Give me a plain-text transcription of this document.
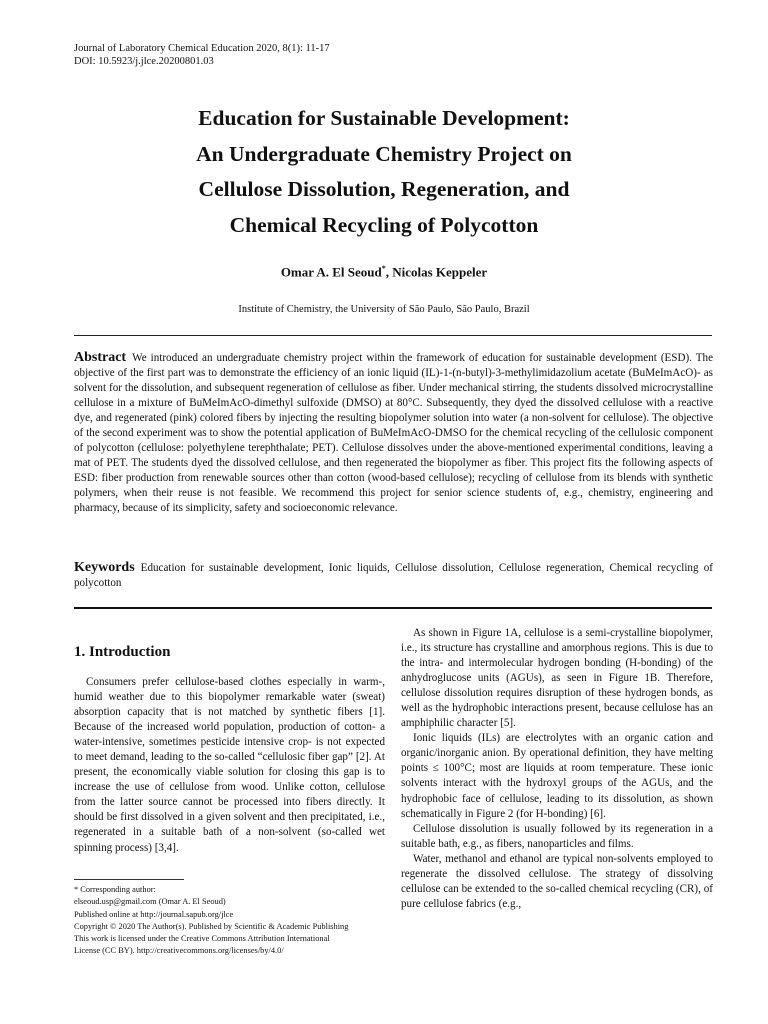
Journal of Laboratory Chemical Education 2020, 8(1): 11-17
DOI: 10.5923/j.jlce.20200801.03
Education for Sustainable Development:
An Undergraduate Chemistry Project on
Cellulose Dissolution, Regeneration, and
Chemical Recycling of Polycotton
Omar A. El Seoud*, Nicolas Keppeler
Institute of Chemistry, the University of São Paulo, São Paulo, Brazil
Abstract We introduced an undergraduate chemistry project within the framework of education for sustainable development (ESD). The objective of the first part was to demonstrate the efficiency of an ionic liquid (IL)-1-(n-butyl)-3-methylimidazolium acetate (BuMeImAcO)- as solvent for the dissolution, and subsequent regeneration of cellulose as fiber. Under mechanical stirring, the students dissolved microcrystalline cellulose in a mixture of BuMeImAcO-dimethyl sulfoxide (DMSO) at 80°C. Subsequently, they dyed the dissolved cellulose with a reactive dye, and regenerated (pink) colored fibers by injecting the resulting biopolymer solution into water (a non-solvent for cellulose). The objective of the second experiment was to show the potential application of BuMeImAcO-DMSO for the chemical recycling of the cellulosic component of polycotton (cellulose: polyethylene terephthalate; PET). Cellulose dissolves under the above-mentioned experimental conditions, leaving a mat of PET. The students dyed the dissolved cellulose, and then regenerated the biopolymer as fiber. This project fits the following aspects of ESD: fiber production from renewable sources other than cotton (wood-based cellulose); recycling of cellulose from its blends with synthetic polymers, when their reuse is not feasible. We recommend this project for senior science students of, e.g., chemistry, engineering and pharmacy, because of its simplicity, safety and socioeconomic relevance.
Keywords Education for sustainable development, Ionic liquids, Cellulose dissolution, Cellulose regeneration, Chemical recycling of polycotton
1. Introduction

Consumers prefer cellulose-based clothes especially in warm-, humid weather due to this biopolymer remarkable water (sweat) absorption capacity that is not matched by synthetic fibers [1]. Because of the increased world population, production of cotton- a water-intensive, sometimes pesticide intensive crop- is not expected to meet demand, leading to the so-called “cellulosic fiber gap” [2]. At present, the economically viable solution for closing this gap is to increase the use of cellulose from wood. Unlike cotton, cellulose from the latter source cannot be processed into fibers directly. It should be first dissolved in a given solvent and then precipitated, i.e., regenerated in a suitable bath of a non-solvent (so-called wet spinning process) [3,4].

* Corresponding author:

elseoud.usp@gmail.com (Omar A. El Seoud)

Published online at http://journal.sapub.org/jlce

Copyright © 2020 The Author(s). Published by Scientific & Academic Publishing

This work is licensed under the Creative Commons Attribution International

License (CC BY). http://creativecommons.org/licenses/by/4.0/

As shown in Figure 1A, cellulose is a semi-crystalline biopolymer, i.e., its structure has crystalline and amorphous regions. This is due to the intra- and intermolecular hydrogen bonding (H-bonding) of the anhydroglucose units (AGUs), as seen in Figure 1B. Therefore, cellulose dissolution requires disruption of these hydrogen bonds, as well as the hydrophobic interactions present, because cellulose has an amphiphilic character [5].

Ionic liquids (ILs) are electrolytes with an organic cation and organic/inorganic anion. By operational definition, they have melting points ≤ 100°C; most are liquids at room temperature. These ionic solvents interact with the hydroxyl groups of the AGUs, and the hydrophobic face of cellulose, leading to its dissolution, as shown schematically in Figure 2 (for H-bonding) [6].

Cellulose dissolution is usually followed by its regeneration in a suitable bath, e.g., as fibers, nanoparticles and films.

Water, methanol and ethanol are typical non-solvents employed to regenerate the dissolved cellulose. The strategy of dissolving cellulose can be extended to the so-called chemical recycling (CR), of pure cellulose fabrics (e.g.,
